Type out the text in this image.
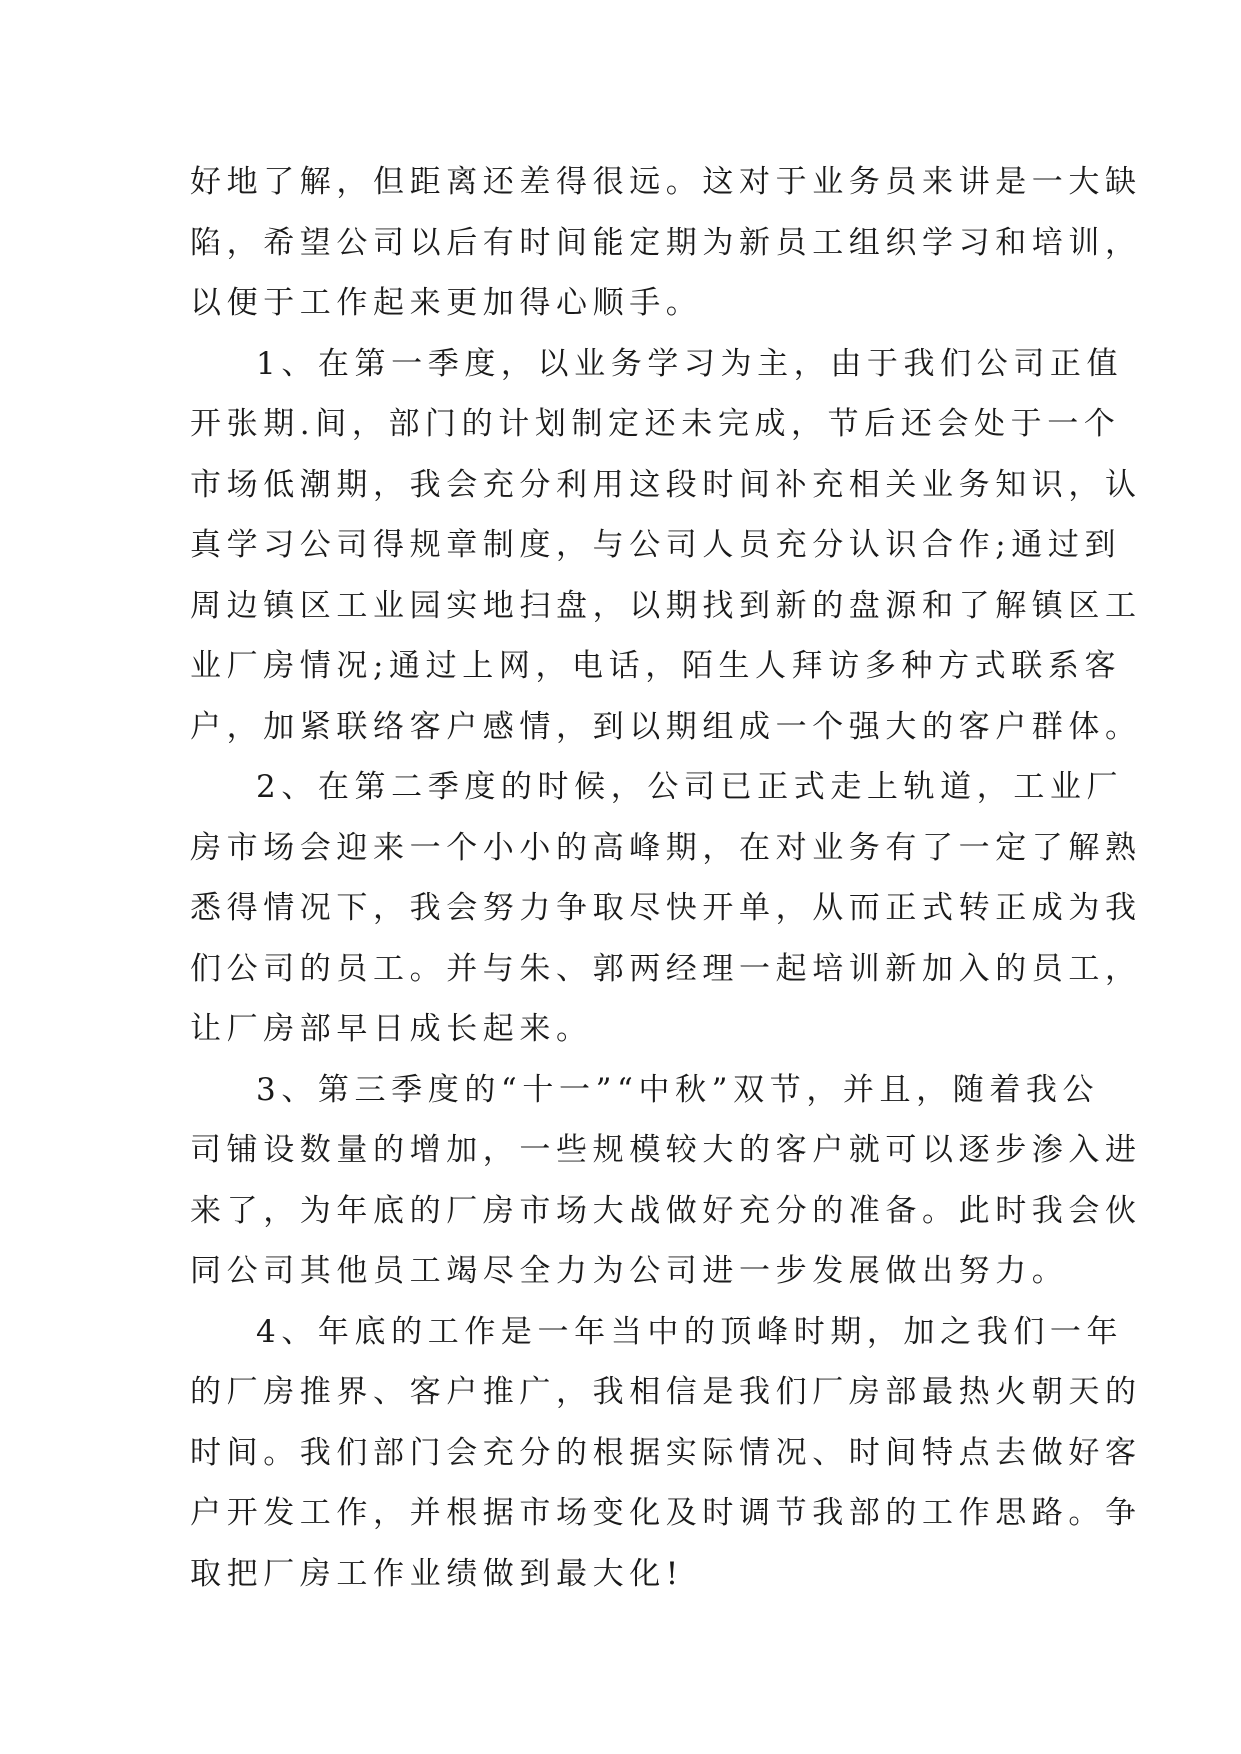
好地了解，但距离还差得很远。这对于业务员来讲是一大缺
陷，希望公司以后有时间能定期为新员工组织学习和培训，
以便于工作起来更加得心顺手。
1、在第一季度，以业务学习为主，由于我们公司正值
开张期.间，部门的计划制定还未完成，节后还会处于一个
市场低潮期，我会充分利用这段时间补充相关业务知识，认
真学习公司得规章制度，与公司人员充分认识合作;通过到
周边镇区工业园实地扫盘，以期找到新的盘源和了解镇区工
业厂房情况;通过上网，电话，陌生人拜访多种方式联系客
户，加紧联络客户感情，到以期组成一个强大的客户群体。
2、在第二季度的时候，公司已正式走上轨道，工业厂
房市场会迎来一个小小的高峰期，在对业务有了一定了解熟
悉得情况下，我会努力争取尽快开单，从而正式转正成为我
们公司的员工。并与朱、郭两经理一起培训新加入的员工，
让厂房部早日成长起来。
3、第三季度的“十一”“中秋”双节，并且，随着我公
司铺设数量的增加，一些规模较大的客户就可以逐步渗入进
来了，为年底的厂房市场大战做好充分的准备。此时我会伙
同公司其他员工竭尽全力为公司进一步发展做出努力。
4、年底的工作是一年当中的顶峰时期，加之我们一年
的厂房推界、客户推广，我相信是我们厂房部最热火朝天的
时间。我们部门会充分的根据实际情况、时间特点去做好客
户开发工作，并根据市场变化及时调节我部的工作思路。争
取把厂房工作业绩做到最大化!
